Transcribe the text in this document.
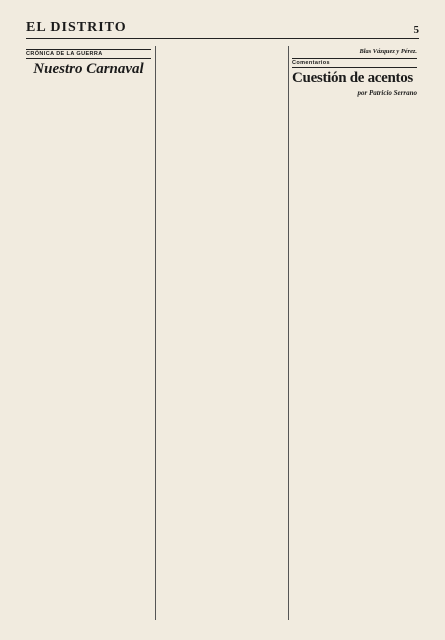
EL DISTRITO	5

CRÓNICA DE LA GUERRA
Nuestro Carnaval

Blas Vázquez y Pérez.
Comentarios
Cuestión de acentos
por Patricio Serrano
